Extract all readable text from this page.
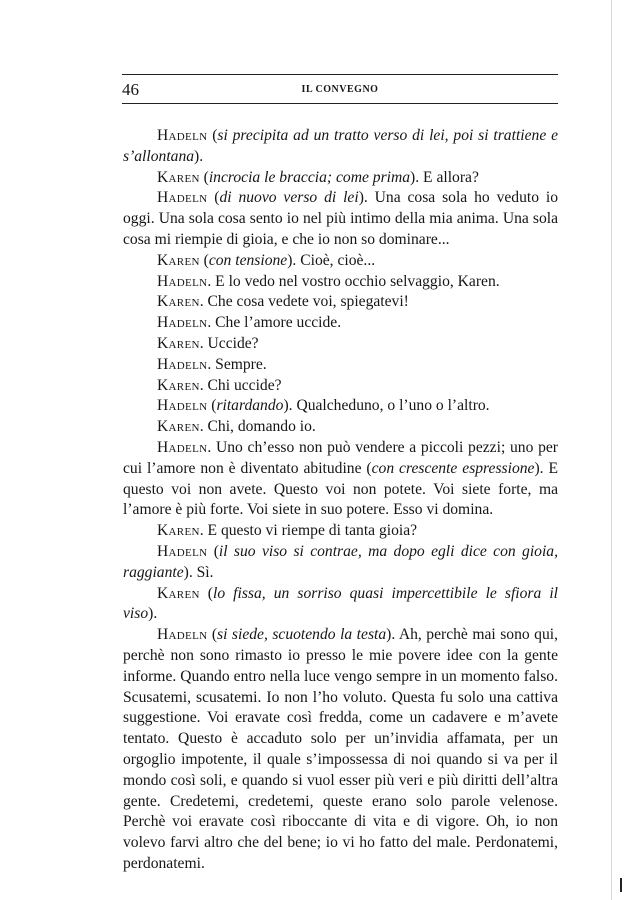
46	IL CONVEGNO

Hadeln (si precipita ad un tratto verso di lei, poi si trattiene e s’allontana).

Karen (incrocia le braccia; come prima). E allora?

Hadeln (di nuovo verso di lei). Una cosa sola ho veduto io oggi. Una sola cosa sento io nel più intimo della mia anima. Una sola cosa mi riempie di gioia, e che io non so dominare...

Karen (con tensione). Cioè, cioè...

Hadeln. E lo vedo nel vostro occhio selvaggio, Karen.

Karen. Che cosa vedete voi, spiegatevi!

Hadeln. Che l’amore uccide.

Karen. Uccide?

Hadeln. Sempre.

Karen. Chi uccide?

Hadeln (ritardando). Qualcheduno, o l’uno o l’altro.

Karen. Chi, domando io.

Hadeln. Uno ch’esso non può vendere a piccoli pezzi; uno per cui l’amore non è diventato abitudine (con crescente espressione). E questo voi non avete. Questo voi non potete. Voi siete forte, ma l’amore è più forte. Voi siete in suo potere. Esso vi domina.

Karen. E questo vi riempe di tanta gioia?

Hadeln (il suo viso si contrae, ma dopo egli dice con gioia, raggiante). Sì.

Karen (lo fissa, un sorriso quasi impercettibile le sfiora il viso).

Hadeln (si siede, scuotendo la testa). Ah, perchè mai sono qui, perchè non sono rimasto io presso le mie povere idee con la gente informe. Quando entro nella luce vengo sempre in un momento falso. Scusatemi, scusatemi. Io non l’ho voluto. Questa fu solo una cattiva suggestione. Voi eravate così fredda, come un cadavere e m’avete tentato. Questo è accaduto solo per un’invidia affamata, per un orgoglio impotente, il quale s’impossessa di noi quando si va per il mondo così soli, e quando si vuol esser più veri e più diritti dell’altra gente. Credetemi, credetemi, queste erano solo parole velenose. Perchè voi eravate così riboccante di vita e di vigore. Oh, io non volevo farvi altro che del bene; io vi ho fatto del male. Perdonatemi, perdonatemi.
